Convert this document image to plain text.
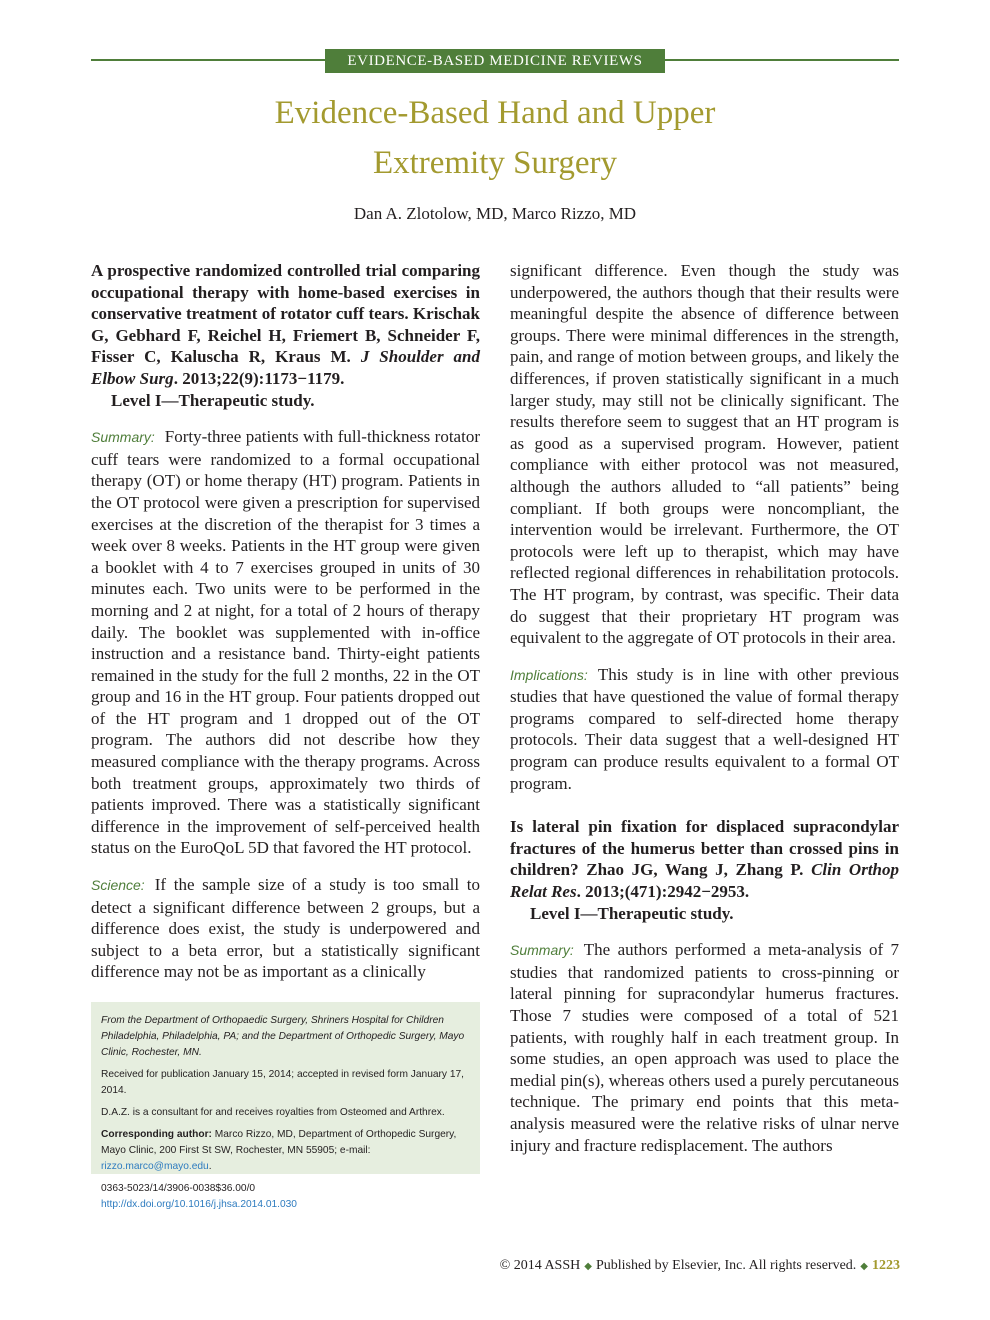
EVIDENCE-BASED MEDICINE REVIEWS
Evidence-Based Hand and Upper
Extremity Surgery
Dan A. Zlotolow, MD, Marco Rizzo, MD

A prospective randomized controlled trial comparing occupational therapy with home-based exercises in conservative treatment of rotator cuff tears. Krischak G, Gebhard F, Reichel H, Friemert B, Schneider F, Fisser C, Kaluscha R, Kraus M. J Shoulder and Elbow Surg. 2013;22(9):1173−1179.

Level I—Therapeutic study.

Summary: Forty-three patients with full-thickness rotator cuff tears were randomized to a formal occupational therapy (OT) or home therapy (HT) program. Patients in the OT protocol were given a prescription for supervised exercises at the discretion of the therapist for 3 times a week over 8 weeks. Patients in the HT group were given a booklet with 4 to 7 exercises grouped in units of 30 minutes each. Two units were to be performed in the morning and 2 at night, for a total of 2 hours of therapy daily. The booklet was supplemented with in-office instruction and a resistance band. Thirty-eight patients remained in the study for the full 2 months, 22 in the OT group and 16 in the HT group. Four patients dropped out of the HT program and 1 dropped out of the OT program. The authors did not describe how they measured compliance with the therapy programs. Across both treatment groups, approximately two thirds of patients improved. There was a statistically significant difference in the improvement of self-perceived health status on the EuroQoL 5D that favored the HT protocol.

Science: If the sample size of a study is too small to detect a significant difference between 2 groups, but a difference does exist, the study is underpowered and subject to a beta error, but a statistically significant difference may not be as important as a clinically

significant difference. Even though the study was underpowered, the authors though that their results were meaningful despite the absence of difference between groups. There were minimal differences in the strength, pain, and range of motion between groups, and likely the differences, if proven statistically significant in a much larger study, may still not be clinically significant. The results therefore seem to suggest that an HT program is as good as a supervised program. However, patient compliance with either protocol was not measured, although the authors alluded to “all patients” being compliant. If both groups were noncompliant, the intervention would be irrelevant. Furthermore, the OT protocols were left up to therapist, which may have reflected regional differences in rehabilitation protocols. The HT program, by contrast, was specific. Their data do suggest that their proprietary HT program was equivalent to the aggregate of OT protocols in their area.

Implications: This study is in line with other previous studies that have questioned the value of formal therapy programs compared to self-directed home therapy protocols. Their data suggest that a well-designed HT program can produce results equivalent to a formal OT program.

Is lateral pin fixation for displaced supracondylar fractures of the humerus better than crossed pins in children? Zhao JG, Wang J, Zhang P. Clin Orthop Relat Res. 2013;(471):2942−2953.

Level I—Therapeutic study.

Summary: The authors performed a meta-analysis of 7 studies that randomized patients to cross-pinning or lateral pinning for supracondylar humerus fractures. Those 7 studies were composed of a total of 521 patients, with roughly half in each treatment group. In some studies, an open approach was used to place the medial pin(s), whereas others used a purely percutaneous technique. The primary end points that this meta-analysis measured were the relative risks of ulnar nerve injury and fracture redisplacement. The authors

From the Department of Orthopaedic Surgery, Shriners Hospital for Children Philadelphia, Philadelphia, PA; and the Department of Orthopedic Surgery, Mayo Clinic, Rochester, MN.

Received for publication January 15, 2014; accepted in revised form January 17, 2014.

D.A.Z. is a consultant for and receives royalties from Osteomed and Arthrex.

Corresponding author: Marco Rizzo, MD, Department of Orthopedic Surgery, Mayo Clinic, 200 First St SW, Rochester, MN 55905; e-mail: rizzo.marco@mayo.edu.

0363-5023/14/3906-0038$36.00/0
http://dx.doi.org/10.1016/j.jhsa.2014.01.030

© 2014 ASSH ◆ Published by Elsevier, Inc. All rights reserved. ◆ 1223
